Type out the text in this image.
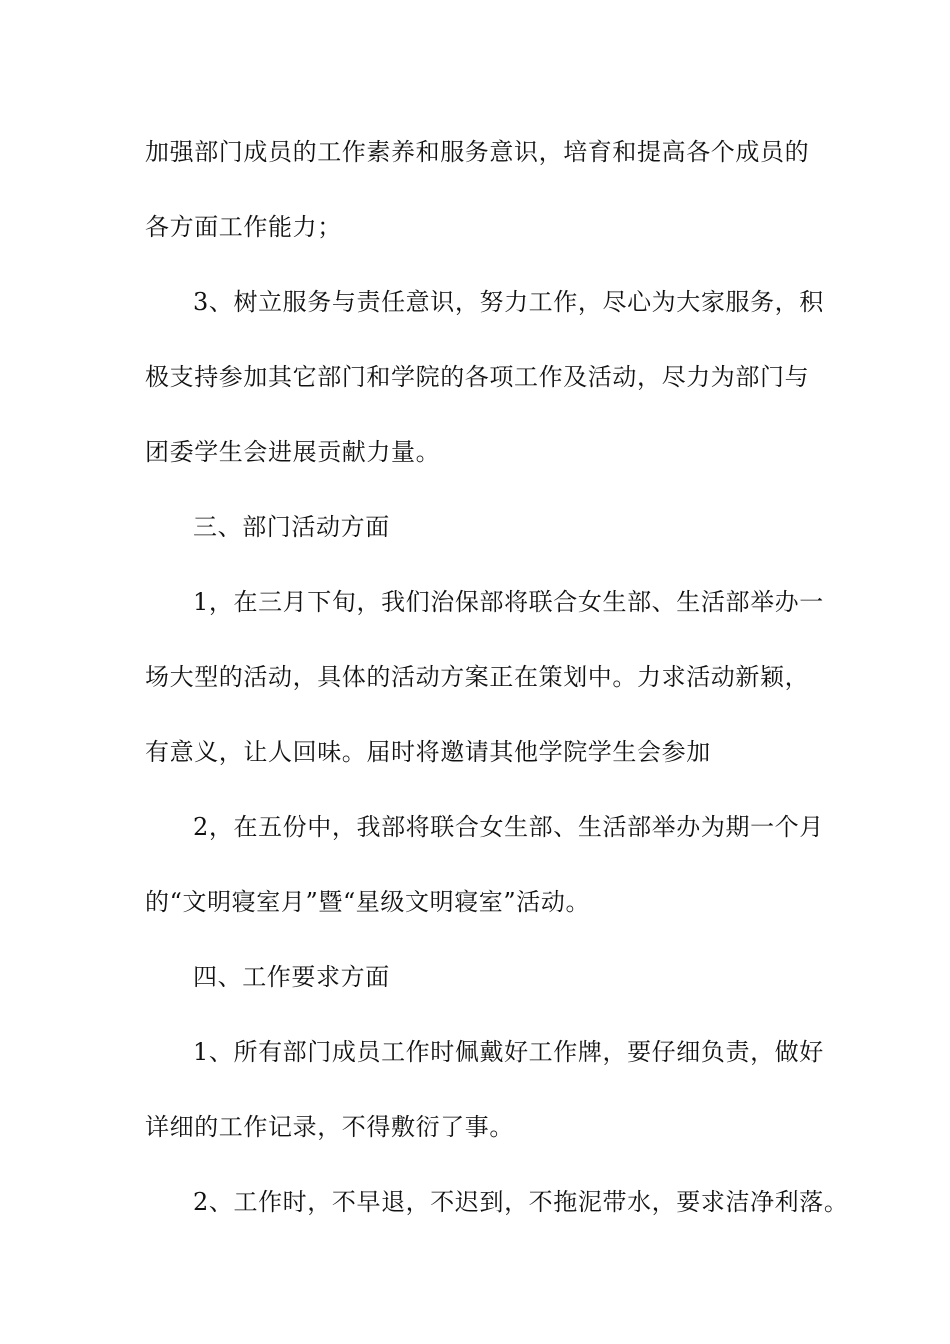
加强部门成员的工作素养和服务意识，培育和提高各个成员的
各方面工作能力；
3、树立服务与责任意识，努力工作，尽心为大家服务，积
极支持参加其它部门和学院的各项工作及活动，尽力为部门与
团委学生会进展贡献力量。
三、部门活动方面
1，在三月下旬，我们治保部将联合女生部、生活部举办一
场大型的活动，具体的活动方案正在策划中。力求活动新颖，
有意义，让人回味。届时将邀请其他学院学生会参加
2，在五份中，我部将联合女生部、生活部举办为期一个月
的“文明寝室月”暨“星级文明寝室”活动。
四、工作要求方面
1、所有部门成员工作时佩戴好工作牌，要仔细负责，做好
详细的工作记录，不得敷衍了事。
2、工作时，不早退，不迟到，不拖泥带水，要求洁净利落。
